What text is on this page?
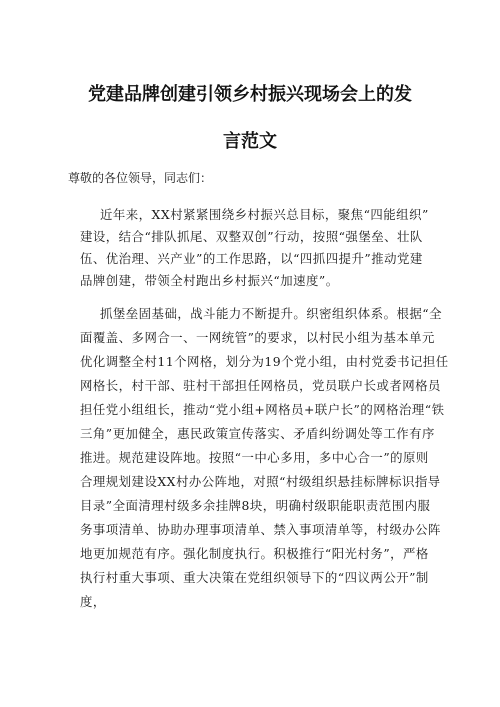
党建品牌创建引领乡村振兴现场会上的发
言范文
尊敬的各位领导，同志们：
近年来，XX村紧紧围绕乡村振兴总目标，聚焦“四能组织”
建设，结合“排队抓尾、双整双创”行动，按照“强堡垒、壮队
伍、优治理、兴产业”的工作思路，以“四抓四提升”推动党建
品牌创建，带领全村跑出乡村振兴“加速度”。
抓堡垒固基础，战斗能力不断提升。织密组织体系。根据“全
面覆盖、多网合一、一网统管”的要求，以村民小组为基本单元
优化调整全村11个网格，划分为19个党小组，由村党委书记担任
网格长，村干部、驻村干部担任网格员，党员联户长或者网格员
担任党小组组长，推动“党小组+网格员+联户长”的网格治理“铁
三角”更加健全，惠民政策宣传落实、矛盾纠纷调处等工作有序
推进。规范建设阵地。按照“一中心多用，多中心合一”的原则
合理规划建设XX村办公阵地，对照“村级组织悬挂标牌标识指导
目录”全面清理村级多余挂牌8块，明确村级职能职责范围内服
务事项清单、协助办理事项清单、禁入事项清单等，村级办公阵
地更加规范有序。强化制度执行。积极推行“阳光村务”，严格
执行村重大事项、重大决策在党组织领导下的“四议两公开”制
度，
